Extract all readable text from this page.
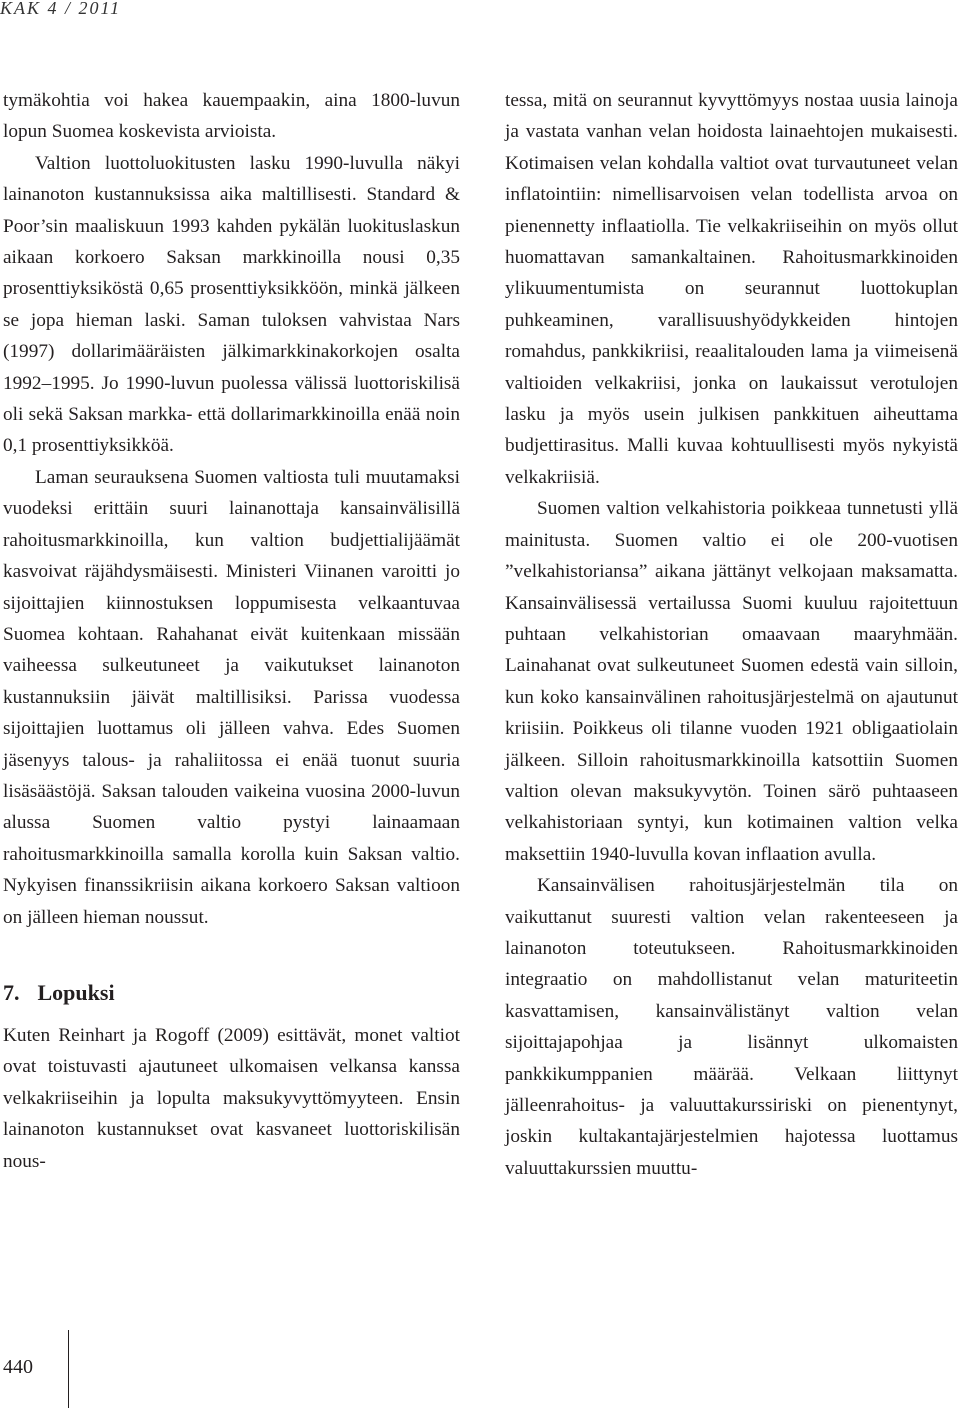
KAK 4 / 2011

tymäkohtia voi hakea kauempaakin, aina 1800-luvun lopun Suomea koskevista arvioista.

Valtion luottoluokitusten lasku 1990-luvulla näkyi lainanoton kustannuksissa aika maltillisesti. Standard & Poor’sin maaliskuun 1993 kahden pykälän luokituslaskun aikaan korkoero Saksan markkinoilla nousi 0,35 prosenttiyksiköstä 0,65 prosenttiyksikköön, minkä jälkeen se jopa hieman laski. Saman tuloksen vahvistaa Nars (1997) dollarimääräisten jälkimarkkinakorkojen osalta 1992–1995. Jo 1990-luvun puolessa välissä luottoriskilisä oli sekä Saksan markka- että dollarimarkkinoilla enää noin 0,1 prosenttiyksikköä.

Laman seurauksena Suomen valtiosta tuli muutamaksi vuodeksi erittäin suuri lainanottaja kansainvälisillä rahoitusmarkkinoilla, kun valtion budjettialijäämät kasvoivat räjähdysmäisesti. Ministeri Viinanen varoitti jo sijoittajien kiinnostuksen loppumisesta velkaantuvaa Suomea kohtaan. Rahahanat eivät kuitenkaan missään vaiheessa sulkeutuneet ja vaikutukset lainanoton kustannuksiin jäivät maltillisiksi. Parissa vuodessa sijoittajien luottamus oli jälleen vahva. Edes Suomen jäsenyys talous- ja rahaliitossa ei enää tuonut suuria lisäsäästöjä. Saksan talouden vaikeina vuosina 2000-luvun alussa Suomen valtio pystyi lainaamaan rahoitusmarkkinoilla samalla korolla kuin Saksan valtio. Nykyisen finanssikriisin aikana korkoero Saksan valtioon on jälleen hieman noussut.

7. Lopuksi

Kuten Reinhart ja Rogoff (2009) esittävät, monet valtiot ovat toistuvasti ajautuneet ulkomaisen velkansa kanssa velkakriiseihin ja lopulta maksukyvyttömyyteen. Ensin lainanoton kustannukset ovat kasvaneet luottoriskilisän nous-

tessa, mitä on seurannut kyvyttömyys nostaa uusia lainoja ja vastata vanhan velan hoidosta lainaehtojen mukaisesti. Kotimaisen velan kohdalla valtiot ovat turvautuneet velan inflatointiin: nimellisarvoisen velan todellista arvoa on pienennetty inflaatiolla. Tie velkakriiseihin on myös ollut huomattavan samankaltainen. Rahoitusmarkkinoiden ylikuumentumista on seurannut luottokuplan puhkeaminen, varallisuushyödykkeiden hintojen romahdus, pankkikriisi, reaalitalouden lama ja viimeisenä valtioiden velkakriisi, jonka on laukaissut verotulojen lasku ja myös usein julkisen pankkituen aiheuttama budjettirasitus. Malli kuvaa kohtuullisesti myös nykyistä velkakriisiä.

Suomen valtion velkahistoria poikkeaa tunnetusti yllä mainitusta. Suomen valtio ei ole 200-vuotisen ”velkahistoriansa” aikana jättänyt velkojaan maksamatta. Kansainvälisessä vertailussa Suomi kuuluu rajoitettuun puhtaan velkahistorian omaavaan maaryhmään. Lainahanat ovat sulkeutuneet Suomen edestä vain silloin, kun koko kansainvälinen rahoitusjärjestelmä on ajautunut kriisiin. Poikkeus oli tilanne vuoden 1921 obligaatiolain jälkeen. Silloin rahoitusmarkkinoilla katsottiin Suomen valtion olevan maksukyvytön. Toinen särö puhtaaseen velkahistoriaan syntyi, kun kotimainen valtion velka maksettiin 1940-luvulla kovan inflaation avulla.

Kansainvälisen rahoitusjärjestelmän tila on vaikuttanut suuresti valtion velan rakenteeseen ja lainanoton toteutukseen. Rahoitusmarkkinoiden integraatio on mahdollistanut velan maturiteetin kasvattamisen, kansainvälistänyt valtion velan sijoittajapohjaa ja lisännyt ulkomaisten pankkikumppanien määrää. Velkaan liittynyt jälleenrahoitus- ja valuuttakurssiriski on pienentynyt, joskin kultakantajärjestelmien hajotessa luottamus valuuttakurssien muuttu-

440
